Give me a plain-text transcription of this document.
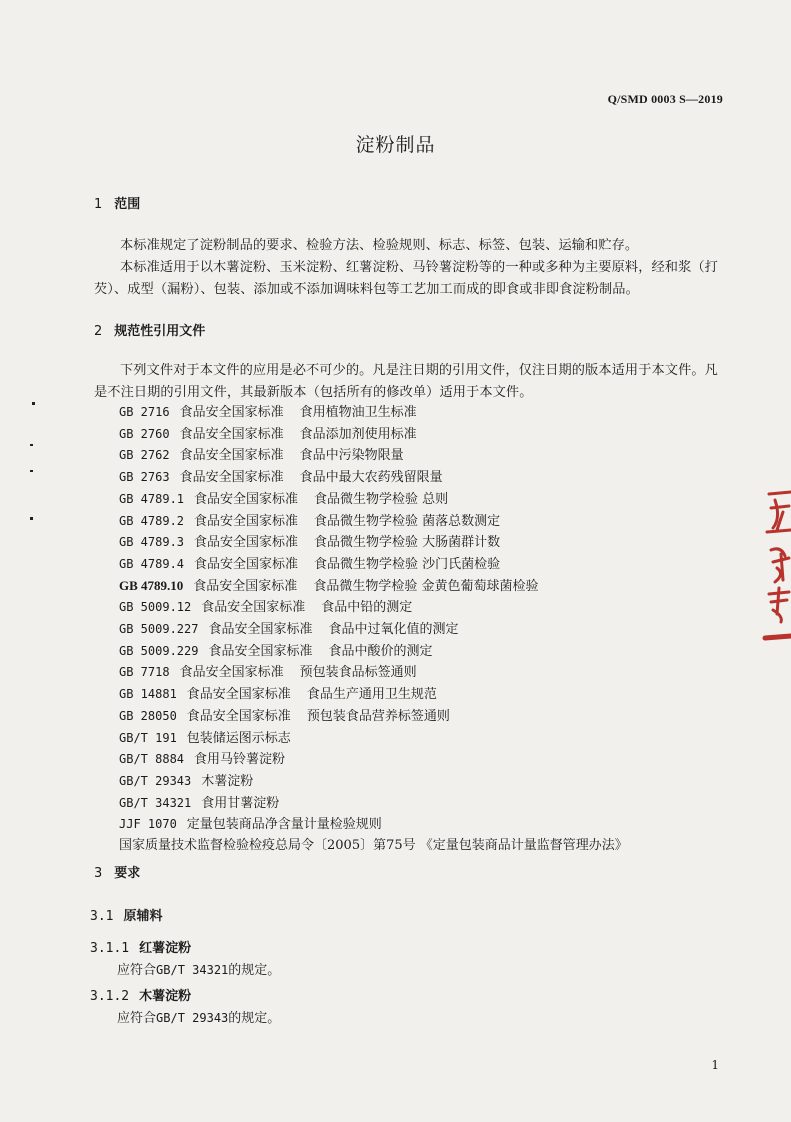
Q/SMD 0003 S—2019
淀粉制品
1 范围
本标准规定了淀粉制品的要求、检验方法、检验规则、标志、标签、包装、运输和贮存。
本标准适用于以木薯淀粉、玉米淀粉、红薯淀粉、马铃薯淀粉等的一种或多种为主要原料，经和浆（打芡）、成型（漏粉）、包装、添加或不添加调味料包等工艺加工而成的即食或非即食淀粉制品。
2 规范性引用文件
下列文件对于本文件的应用是必不可少的。凡是注日期的引用文件，仅注日期的版本适用于本文件。凡是不注日期的引用文件，其最新版本（包括所有的修改单）适用于本文件。
GB 2716 食品安全国家标准 食用植物油卫生标准
GB 2760 食品安全国家标准 食品添加剂使用标准
GB 2762 食品安全国家标准 食品中污染物限量
GB 2763 食品安全国家标准 食品中最大农药残留限量
GB 4789.1 食品安全国家标准 食品微生物学检验 总则
GB 4789.2 食品安全国家标准 食品微生物学检验 菌落总数测定
GB 4789.3 食品安全国家标准 食品微生物学检验 大肠菌群计数
GB 4789.4 食品安全国家标准 食品微生物学检验 沙门氏菌检验
GB 4789.10 食品安全国家标准 食品微生物学检验 金黄色葡萄球菌检验
GB 5009.12 食品安全国家标准 食品中铅的测定
GB 5009.227 食品安全国家标准 食品中过氧化值的测定
GB 5009.229 食品安全国家标准 食品中酸价的测定
GB 7718 食品安全国家标准 预包装食品标签通则
GB 14881 食品安全国家标准 食品生产通用卫生规范
GB 28050 食品安全国家标准 预包装食品营养标签通则
GB/T 191 包装储运图示标志
GB/T 8884 食用马铃薯淀粉
GB/T 29343 木薯淀粉
GB/T 34321 食用甘薯淀粉
JJF 1070 定量包装商品净含量计量检验规则
国家质量技术监督检验检疫总局令〔2005〕第75号 《定量包装商品计量监督管理办法》
3 要求
3.1 原辅料
3.1.1 红薯淀粉
应符合GB/T 34321的规定。
3.1.2 木薯淀粉
应符合GB/T 29343的规定。
1
